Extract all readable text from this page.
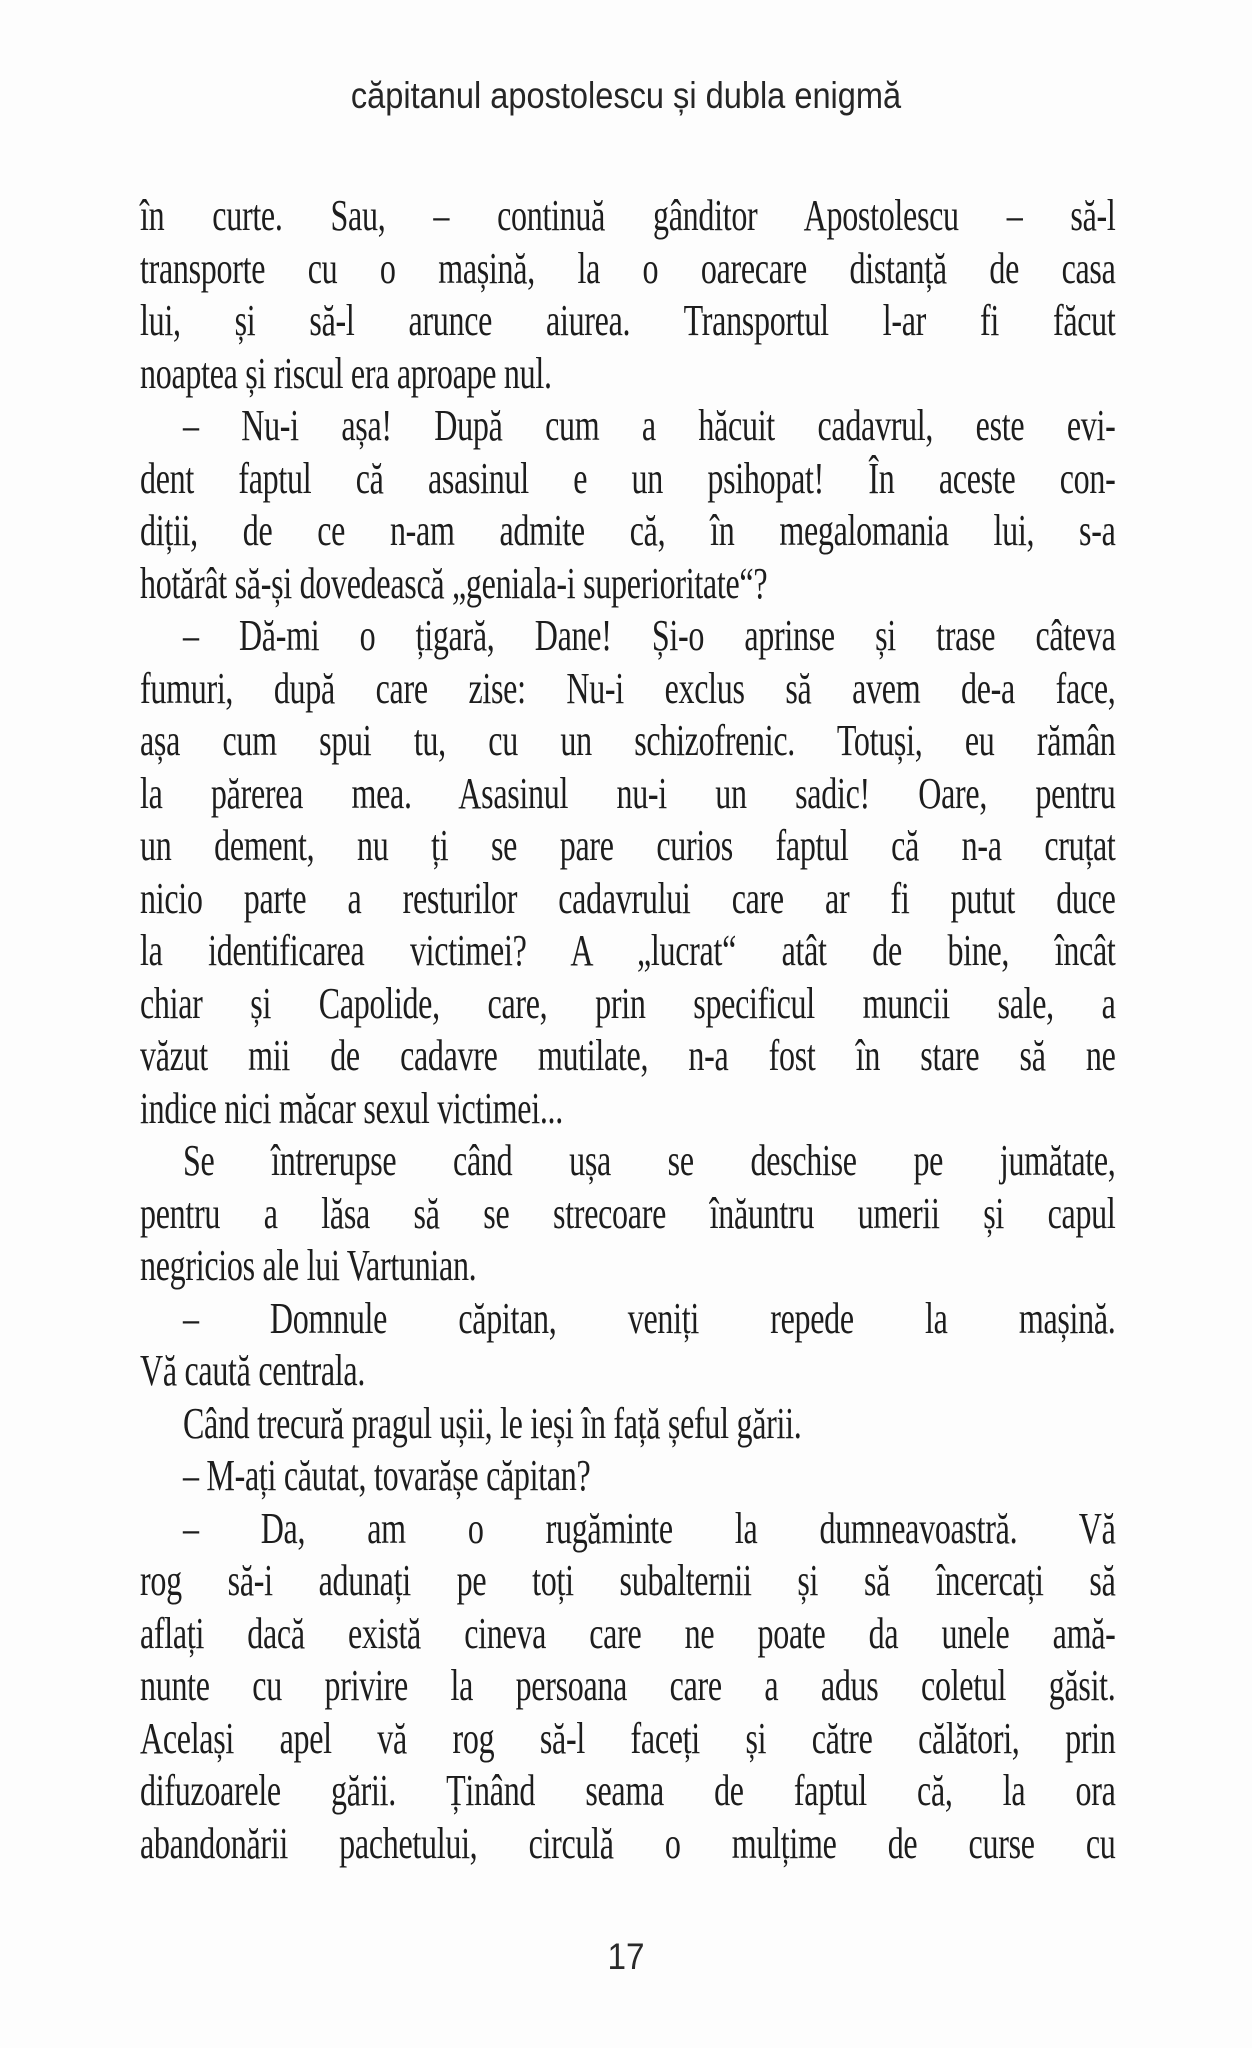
căpitanul apostolescu și dubla enigmă
în curte. Sau, – continuă gânditor Apostolescu – să-l
transporte cu o mașină, la o oarecare distanță de casa
lui, și să-l arunce aiurea. Transportul l-ar fi făcut
noaptea și riscul era aproape nul.
– Nu-i așa! După cum a hăcuit cadavrul, este evi-
dent faptul că asasinul e un psihopat! În aceste con-
diții, de ce n-am admite că, în megalomania lui, s-a
hotărât să-și dovedească „geniala-i superioritate“?
– Dă-mi o țigară, Dane! Și-o aprinse și trase câteva
fumuri, după care zise: Nu-i exclus să avem de-a face,
așa cum spui tu, cu un schizofrenic. Totuși, eu rămân
la părerea mea. Asasinul nu-i un sadic! Oare, pentru
un dement, nu ți se pare curios faptul că n-a cruțat
nicio parte a resturilor cadavrului care ar fi putut duce
la identificarea victimei? A „lucrat“ atât de bine, încât
chiar și Capolide, care, prin specificul muncii sale, a
văzut mii de cadavre mutilate, n-a fost în stare să ne
indice nici măcar sexul victimei...
Se întrerupse când ușa se deschise pe jumătate,
pentru a lăsa să se strecoare înăuntru umerii și capul
negricios ale lui Vartunian.
– Domnule căpitan, veniți repede la mașină.
Vă caută centrala.
Când trecură pragul ușii, le ieși în față șeful gării.
– M-ați căutat, tovarășe căpitan?
– Da, am o rugăminte la dumneavoastră. Vă
rog să-i adunați pe toți subalternii și să încercați să
aflați dacă există cineva care ne poate da unele amă-
nunte cu privire la persoana care a adus coletul găsit.
Același apel vă rog să-l faceți și către călători, prin
difuzoarele gării. Ținând seama de faptul că, la ora
abandonării pachetului, circulă o mulțime de curse cu
17
